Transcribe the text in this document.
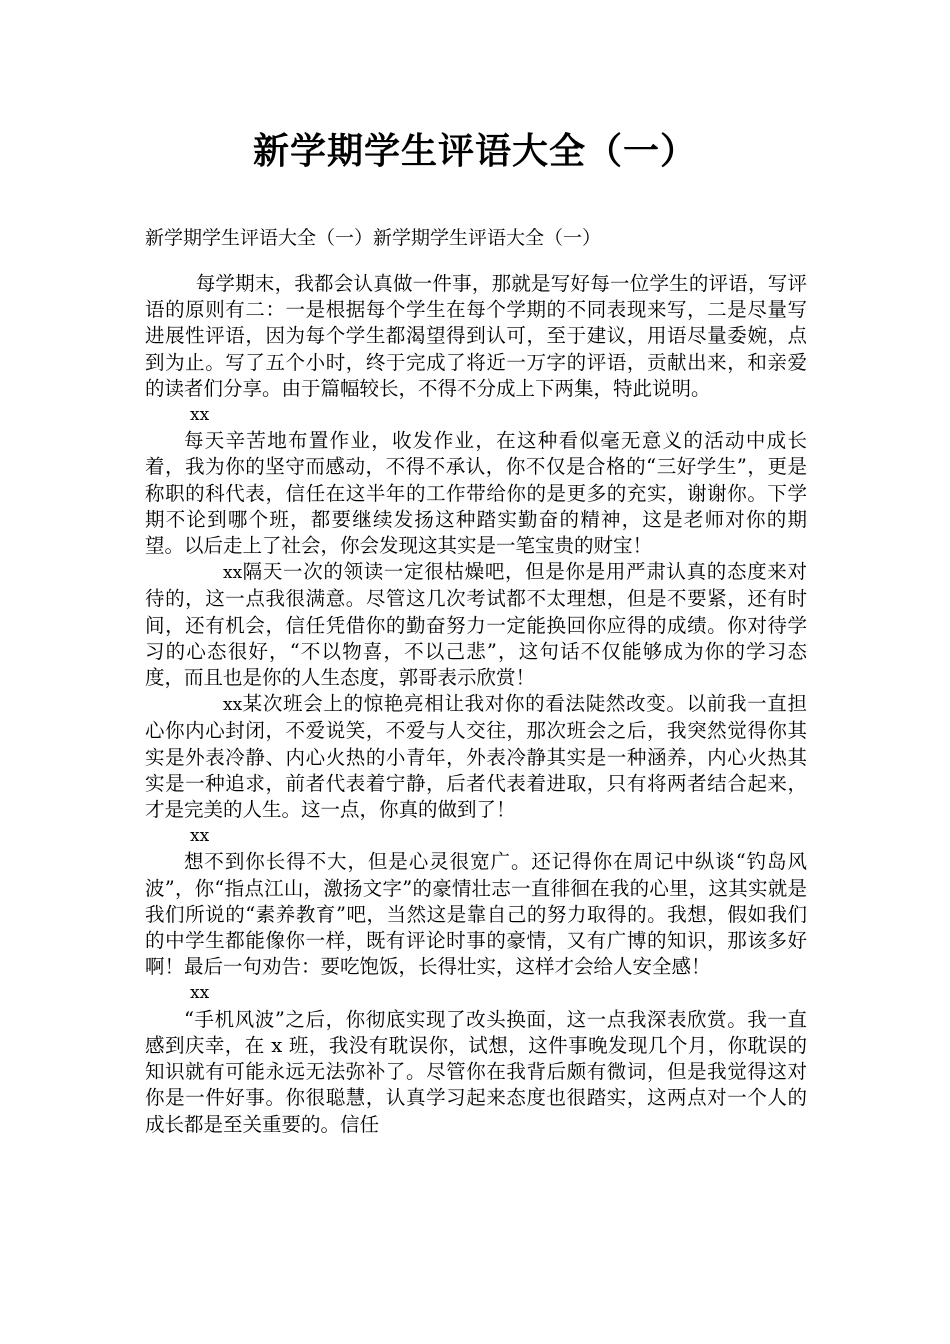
新学期学生评语大全（一）

新学期学生评语大全（一）新学期学生评语大全（一）

每学期末，我都会认真做一件事，那就是写好每一位学生的评语，写评语的原则有二：一是根据每个学生在每个学期的不同表现来写，二是尽量写进展性评语，因为每个学生都渴望得到认可，至于建议，用语尽量委婉，点到为止。写了五个小时，终于完成了将近一万字的评语，贡献出来，和亲爱的读者们分享。由于篇幅较长，不得不分成上下两集，特此说明。

xx

每天辛苦地布置作业，收发作业，在这种看似毫无意义的活动中成长着，我为你的坚守而感动，不得不承认，你不仅是合格的“三好学生”，更是称职的科代表，信任在这半年的工作带给你的是更多的充实，谢谢你。下学期不论到哪个班，都要继续发扬这种踏实勤奋的精神，这是老师对你的期望。以后走上了社会，你会发现这其实是一笔宝贵的财宝！

xx隔天一次的领读一定很枯燥吧，但是你是用严肃认真的态度来对待的，这一点我很满意。尽管这几次考试都不太理想，但是不要紧，还有时间，还有机会，信任凭借你的勤奋努力一定能换回你应得的成绩。你对待学习的心态很好，“不以物喜，不以己悲”，这句话不仅能够成为你的学习态度，而且也是你的人生态度，郭哥表示欣赏！

xx某次班会上的惊艳亮相让我对你的看法陡然改变。以前我一直担心你内心封闭，不爱说笑，不爱与人交往，那次班会之后，我突然觉得你其实是外表冷静、内心火热的小青年，外表冷静其实是一种涵养，内心火热其实是一种追求，前者代表着宁静，后者代表着进取，只有将两者结合起来，才是完美的人生。这一点，你真的做到了！

xx

想不到你长得不大，但是心灵很宽广。还记得你在周记中纵谈“钓岛风波”，你“指点江山，激扬文字”的豪情壮志一直徘徊在我的心里，这其实就是我们所说的“素养教育”吧，当然这是靠自己的努力取得的。我想，假如我们的中学生都能像你一样，既有评论时事的豪情，又有广博的知识，那该多好啊！最后一句劝告：要吃饱饭，长得壮实，这样才会给人安全感！

xx

“手机风波”之后，你彻底实现了改头换面，这一点我深表欣赏。我一直感到庆幸，在 x 班，我没有耽误你，试想，这件事晚发现几个月，你耽误的知识就有可能永远无法弥补了。尽管你在我背后颇有微词，但是我觉得这对你是一件好事。你很聪慧，认真学习起来态度也很踏实，这两点对一个人的成长都是至关重要的。信任
